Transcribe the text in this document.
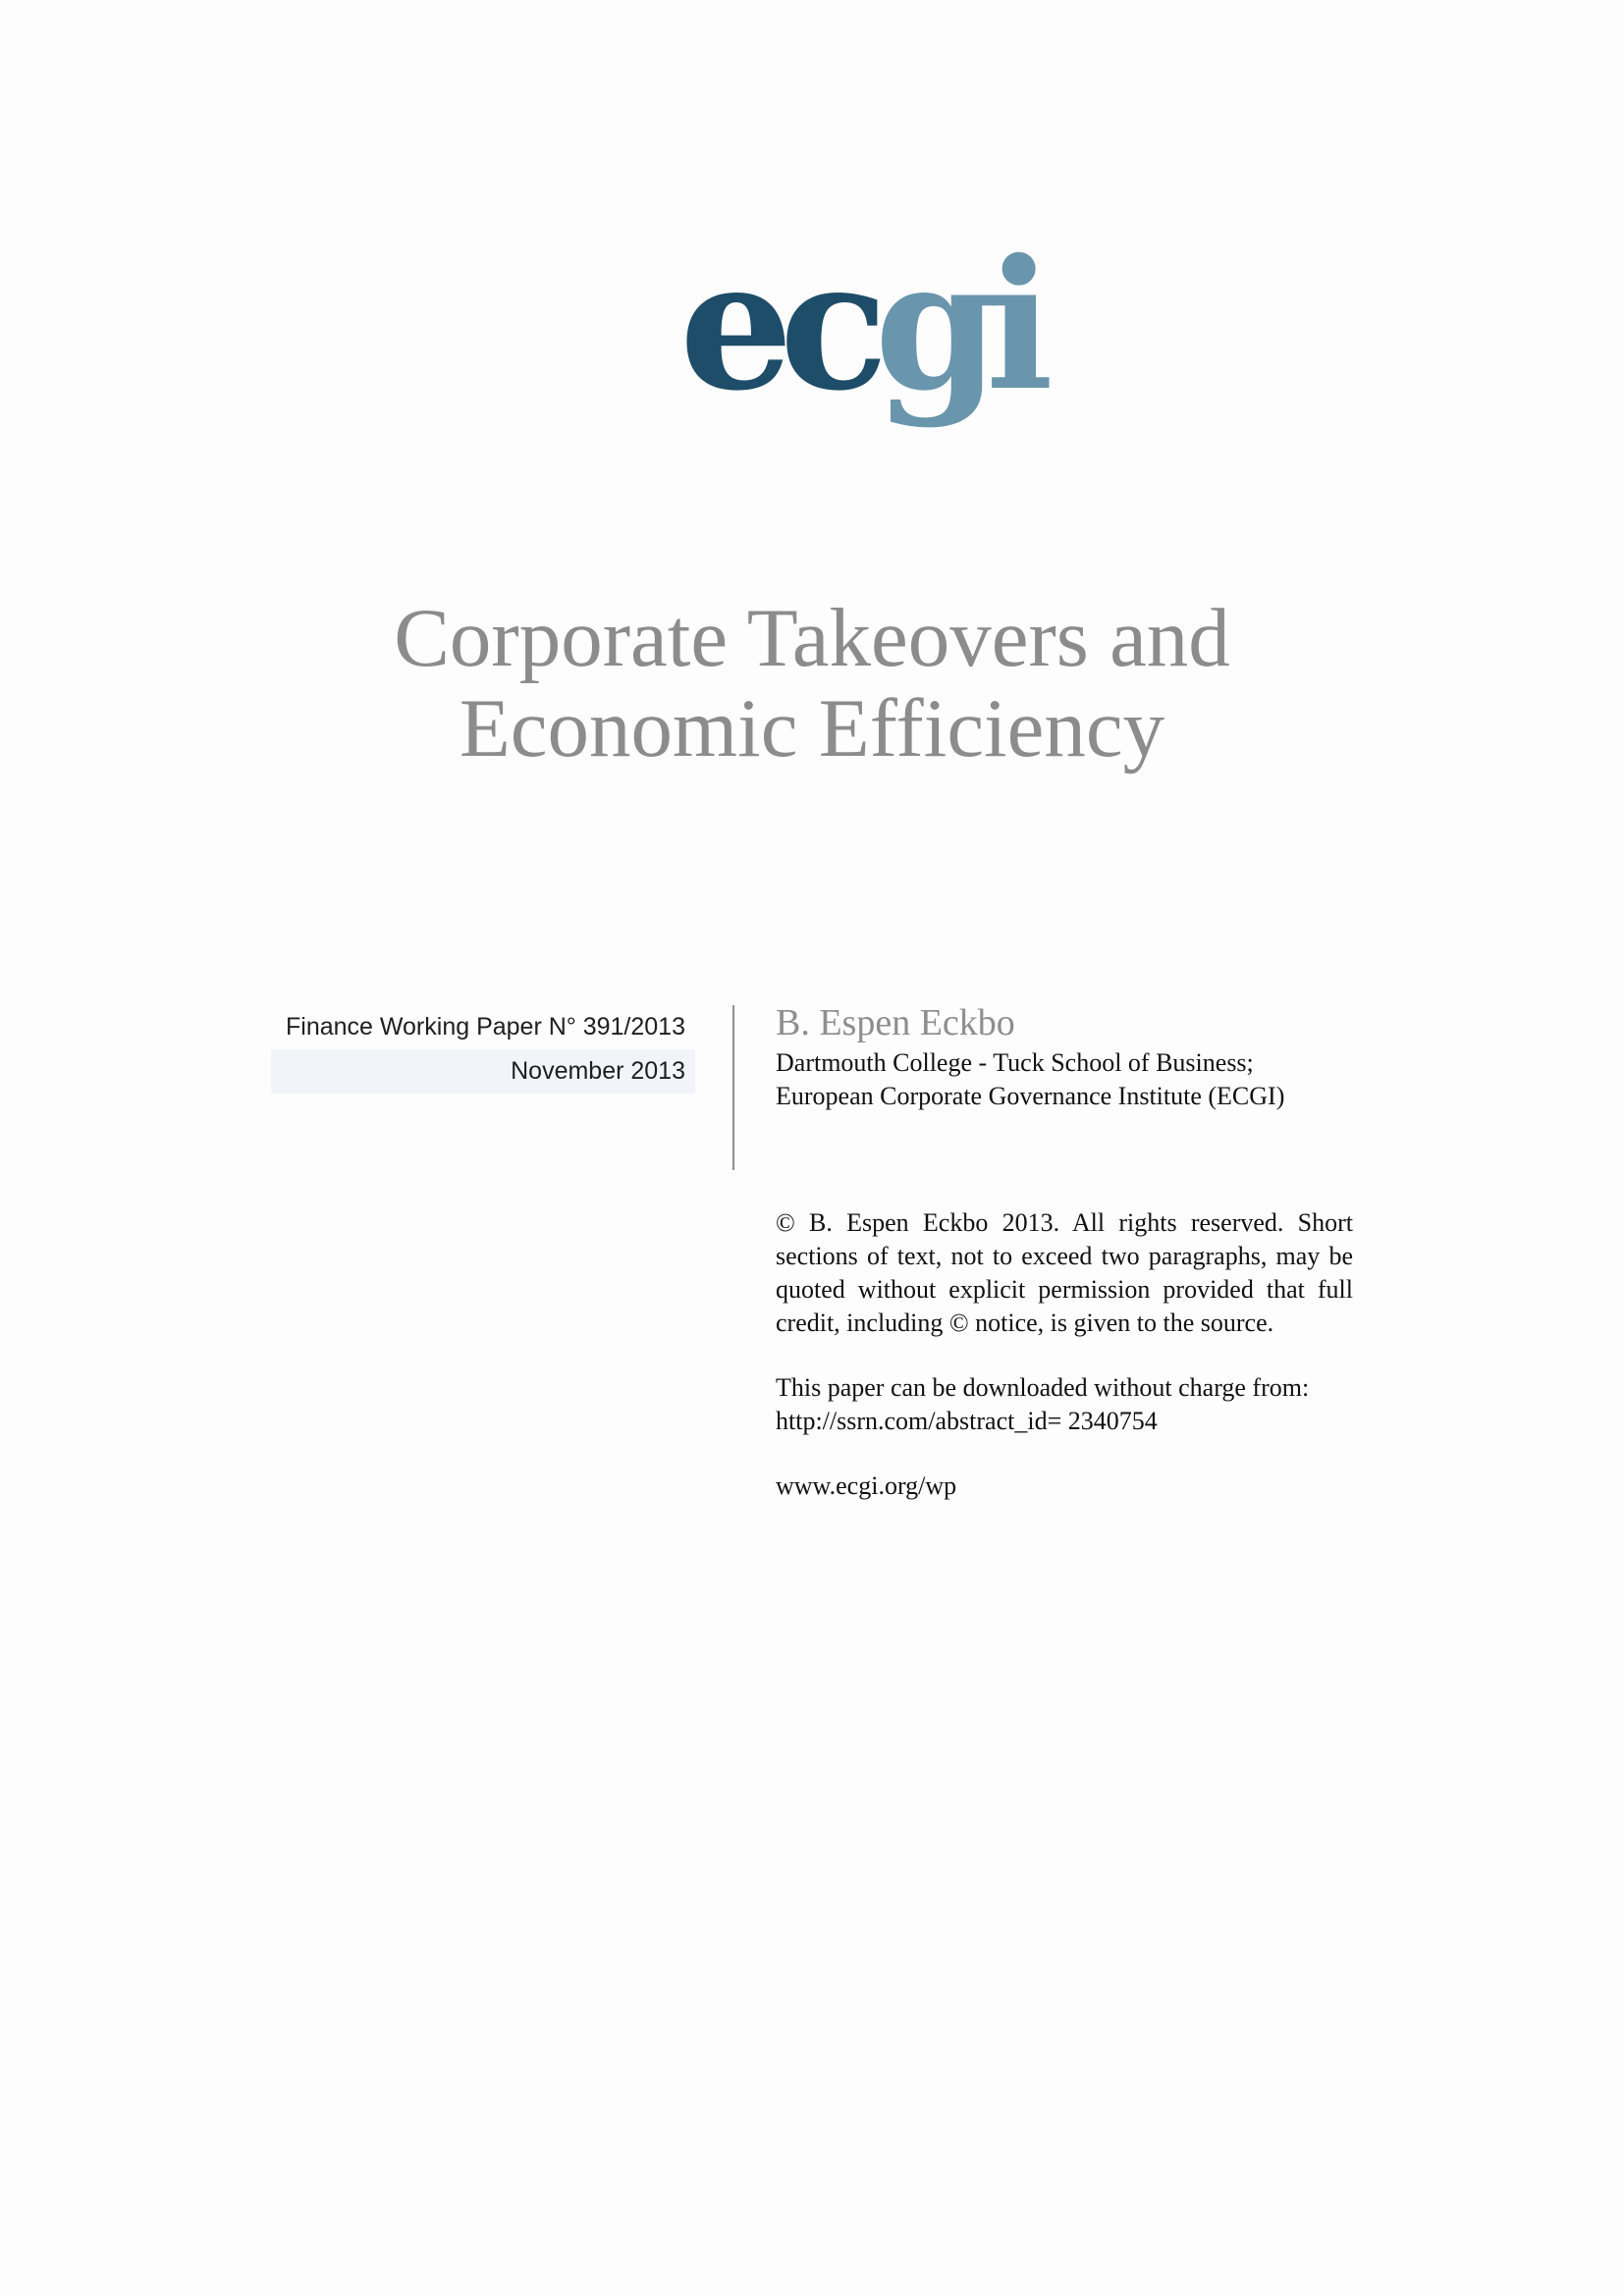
ecgi
Corporate Takeovers and
Economic Efficiency
Finance Working Paper N° 391/2013
November 2013
B. Espen Eckbo
Dartmouth College - Tuck School of Business;
European Corporate Governance Institute (ECGI)

© B. Espen Eckbo 2013. All rights reserved. Short sections of text, not to exceed two paragraphs, may be quoted without explicit permission provided that full credit, including © notice, is given to the source.

This paper can be downloaded without charge from:
http://ssrn.com/abstract_id= 2340754
www.ecgi.org/wp
